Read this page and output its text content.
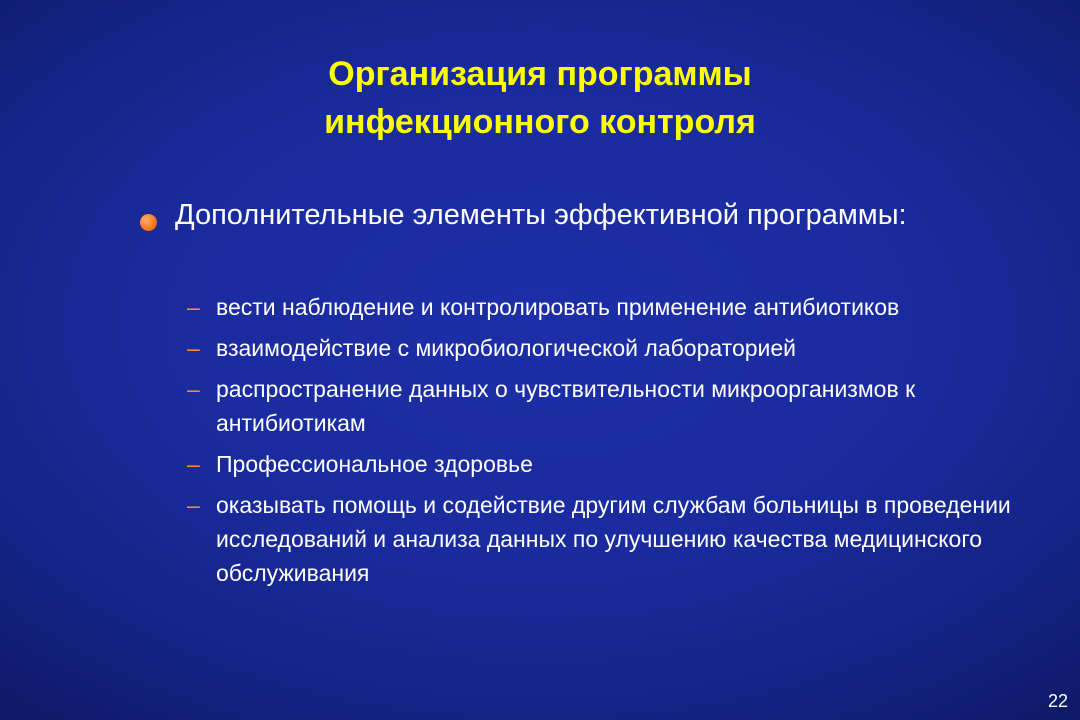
Организация программы
инфекционного контроля
Дополнительные элементы эффективной программы:
– вести наблюдение и контролировать применение антибиотиков
– взаимодействие с микробиологической лабораторией
– распространение данных о чувствительности микроорганизмов к антибиотикам
– Профессиональное здоровье
– оказывать помощь и содействие другим службам больницы в проведении исследований и анализа данных по улучшению качества медицинского обслуживания
22
